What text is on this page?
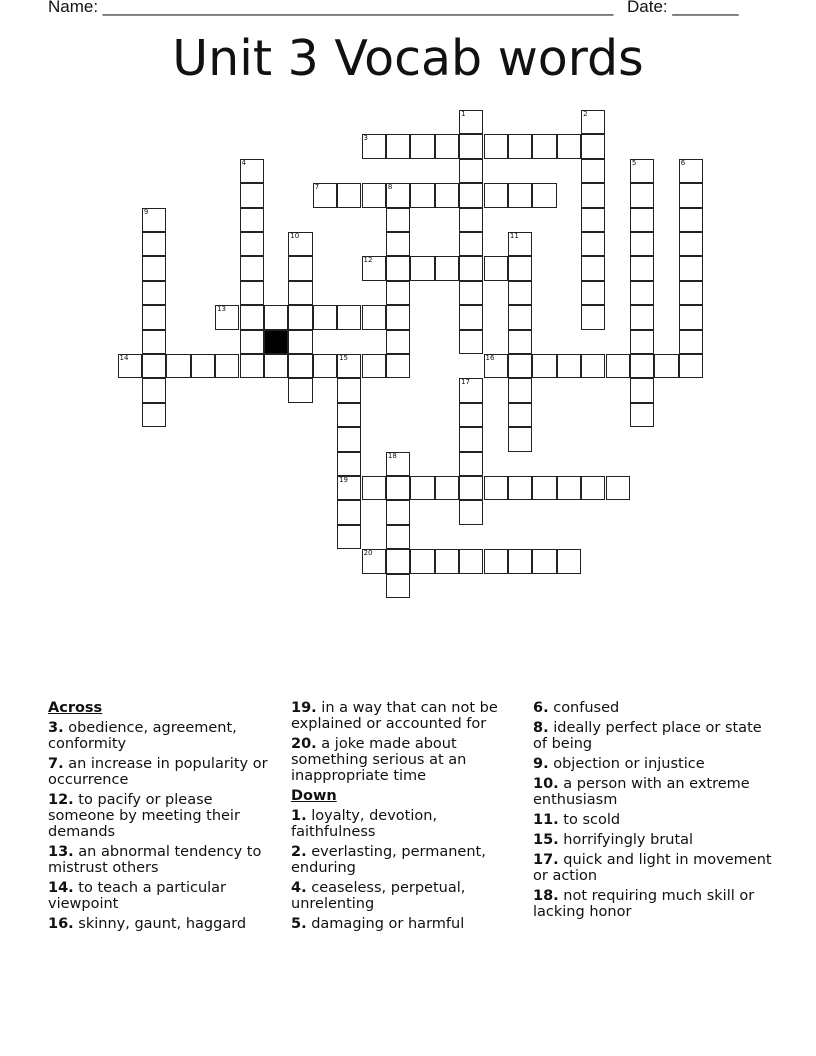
Name: ______________________________________________________ Date: _______
Unit 3 Vocab words
1	2
3
4	5	6
7	8
9
10	11
12
13
14	15
19
16
17
18
20

Across

3. obedience, agreement, conformity

7. an increase in popularity or occurrence

12. to pacify or please someone by meeting their demands

13. an abnormal tendency to mistrust others

14. to teach a particular viewpoint

16. skinny, gaunt, haggard

19. in a way that can not be explained or accounted for

20. a joke made about something serious at an inappropriate time

Down

1. loyalty, devotion, faithfulness

2. everlasting, permanent, enduring

4. ceaseless, perpetual, unrelenting

5. damaging or harmful

6. confused

8. ideally perfect place or state of being

9. objection or injustice

10. a person with an extreme enthusiasm

11. to scold

15. horrifyingly brutal

17. quick and light in movement or action

18. not requiring much skill or lacking honor
